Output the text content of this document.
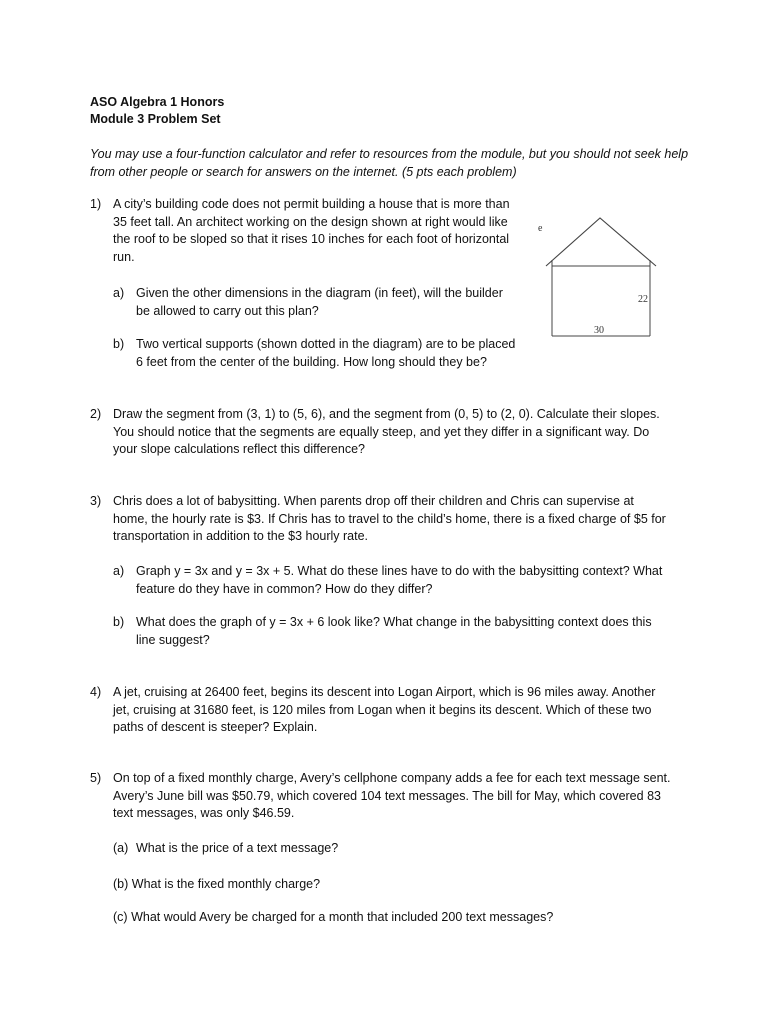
ASO Algebra 1 Honors
Module 3 Problem Set
You may use a four-function calculator and refer to resources from the module, but you should not seek help from other people or search for answers on the internet. (5 pts each problem)
1) A city’s building code does not permit building a house that is more than
35 feet tall. An architect working on the design shown at right would like
the roof to be sloped so that it rises 10 inches for each foot of horizontal
run.
a) Given the other dimensions in the diagram (in feet), will the builder
be allowed to carry out this plan?
b) Two vertical supports (shown dotted in the diagram) are to be placed
6 feet from the center of the building. How long should they be?
e
22
30
2) Draw the segment from (3, 1) to (5, 6), and the segment from (0, 5) to (2, 0). Calculate their slopes.
You should notice that the segments are equally steep, and yet they differ in a significant way. Do
your slope calculations reflect this difference?
3) Chris does a lot of babysitting. When parents drop off their children and Chris can supervise at
home, the hourly rate is $3. If Chris has to travel to the child’s home, there is a fixed charge of $5 for
transportation in addition to the $3 hourly rate.
a) Graph y = 3x and y = 3x + 5. What do these lines have to do with the babysitting context? What
feature do they have in common? How do they differ?
b) What does the graph of y = 3x + 6 look like? What change in the babysitting context does this
line suggest?
4) A jet, cruising at 26400 feet, begins its descent into Logan Airport, which is 96 miles away. Another
jet, cruising at 31680 feet, is 120 miles from Logan when it begins its descent. Which of these two
paths of descent is steeper? Explain.
5) On top of a fixed monthly charge, Avery’s cellphone company adds a fee for each text message sent.
Avery’s June bill was $50.79, which covered 104 text messages. The bill for May, which covered 83
text messages, was only $46.59.
(a) What is the price of a text message?
(b) What is the fixed monthly charge?
(c) What would Avery be charged for a month that included 200 text messages?
